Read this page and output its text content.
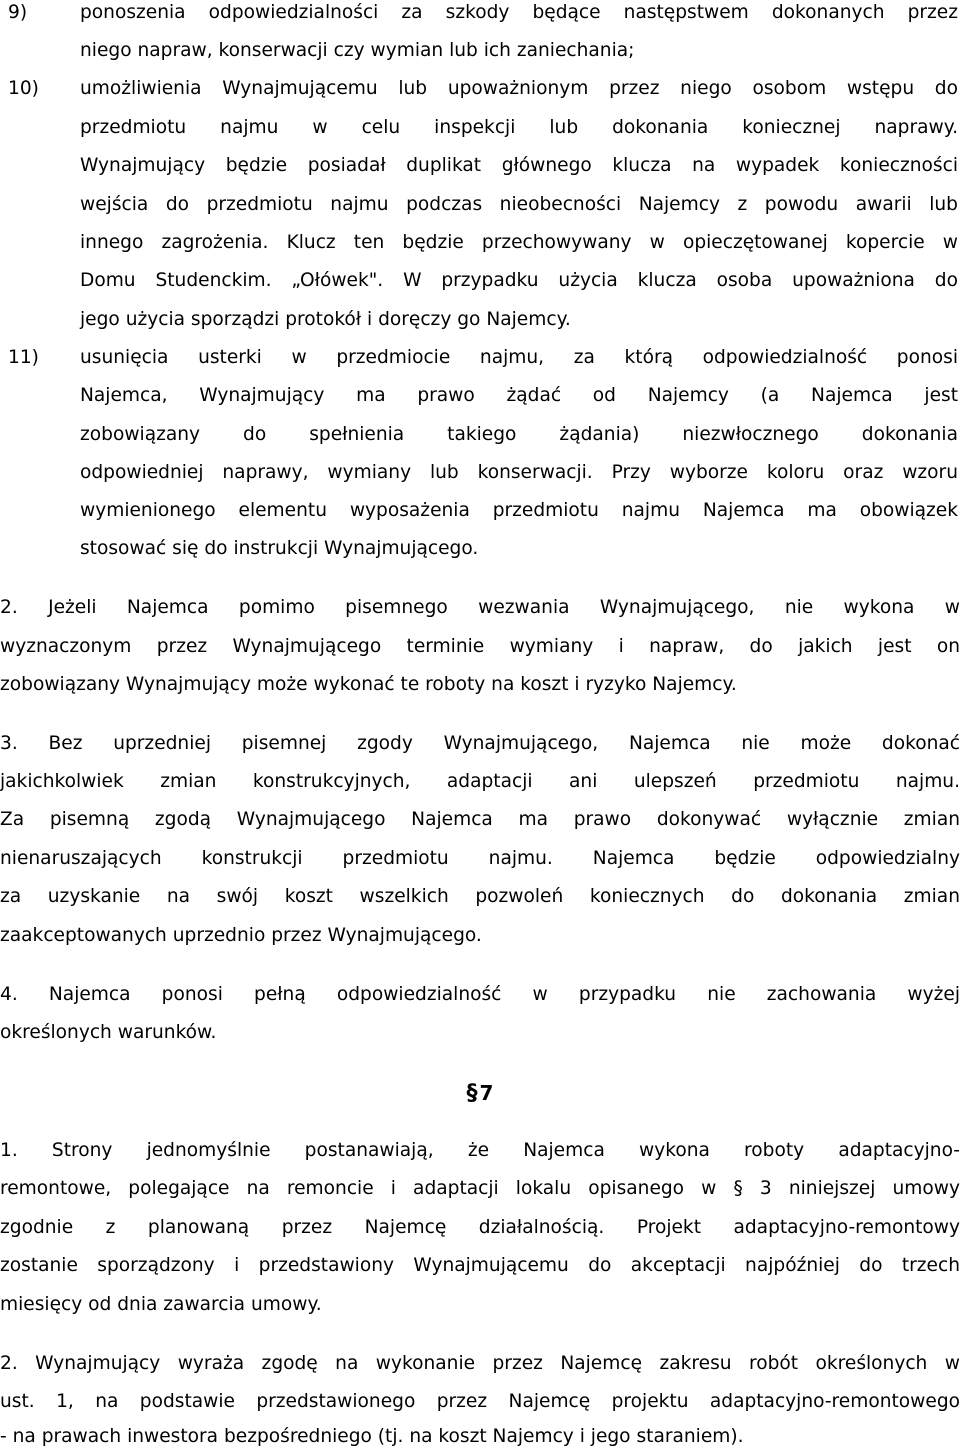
9)	ponoszenia odpowiedzialności za szkody będące następstwem dokonanych przez
niego napraw, konserwacji czy wymian lub ich zaniechania;
10)	umożliwienia Wynajmującemu lub upoważnionym przez niego osobom wstępu do
przedmiotu najmu w celu inspekcji lub dokonania koniecznej naprawy.
Wynajmujący będzie posiadał duplikat głównego klucza na wypadek konieczności
wejścia do przedmiotu najmu podczas nieobecności Najemcy z powodu awarii lub
innego zagrożenia. Klucz ten będzie przechowywany w opieczętowanej kopercie w
Domu Studenckim. „Ołówek". W przypadku użycia klucza osoba upoważniona do
jego użycia sporządzi protokół i doręczy go Najemcy.
11)	usunięcia usterki w przedmiocie najmu, za którą odpowiedzialność ponosi
Najemca, Wynajmujący ma prawo żądać od Najemcy (a Najemca jest
zobowiązany do spełnienia takiego żądania) niezwłocznego dokonania
odpowiedniej naprawy, wymiany lub konserwacji. Przy wyborze koloru oraz wzoru
wymienionego elementu wyposażenia przedmiotu najmu Najemca ma obowiązek
stosować się do instrukcji Wynajmującego.
2. Jeżeli Najemca pomimo pisemnego wezwania Wynajmującego, nie wykona w
wyznaczonym przez Wynajmującego terminie wymiany i napraw, do jakich jest on
zobowiązany Wynajmujący może wykonać te roboty na koszt i ryzyko Najemcy.
3. Bez uprzedniej pisemnej zgody Wynajmującego, Najemca nie może dokonać
jakichkolwiek zmian konstrukcyjnych, adaptacji ani ulepszeń przedmiotu najmu.
Za pisemną zgodą Wynajmującego Najemca ma prawo dokonywać wyłącznie zmian
nienaruszających konstrukcji przedmiotu najmu. Najemca będzie odpowiedzialny
za uzyskanie na swój koszt wszelkich pozwoleń koniecznych do dokonania zmian
zaakceptowanych uprzednio przez Wynajmującego.
4. Najemca ponosi pełną odpowiedzialność w przypadku nie zachowania wyżej
określonych warunków.
§ 7
1. Strony jednomyślnie postanawiają, że Najemca wykona roboty adaptacyjno-
remontowe, polegające na remoncie i adaptacji lokalu opisanego w § 3 niniejszej umowy
zgodnie z planowaną przez Najemcę działalnością. Projekt adaptacyjno-remontowy
zostanie sporządzony i przedstawiony Wynajmującemu do akceptacji najpóźniej do trzech
miesięcy od dnia zawarcia umowy.
2. Wynajmujący wyraża zgodę na wykonanie przez Najemcę zakresu robót określonych w
ust. 1, na podstawie przedstawionego przez Najemcę projektu adaptacyjno-remontowego
- na prawach inwestora bezpośredniego (tj. na koszt Najemcy i jego staraniem).
